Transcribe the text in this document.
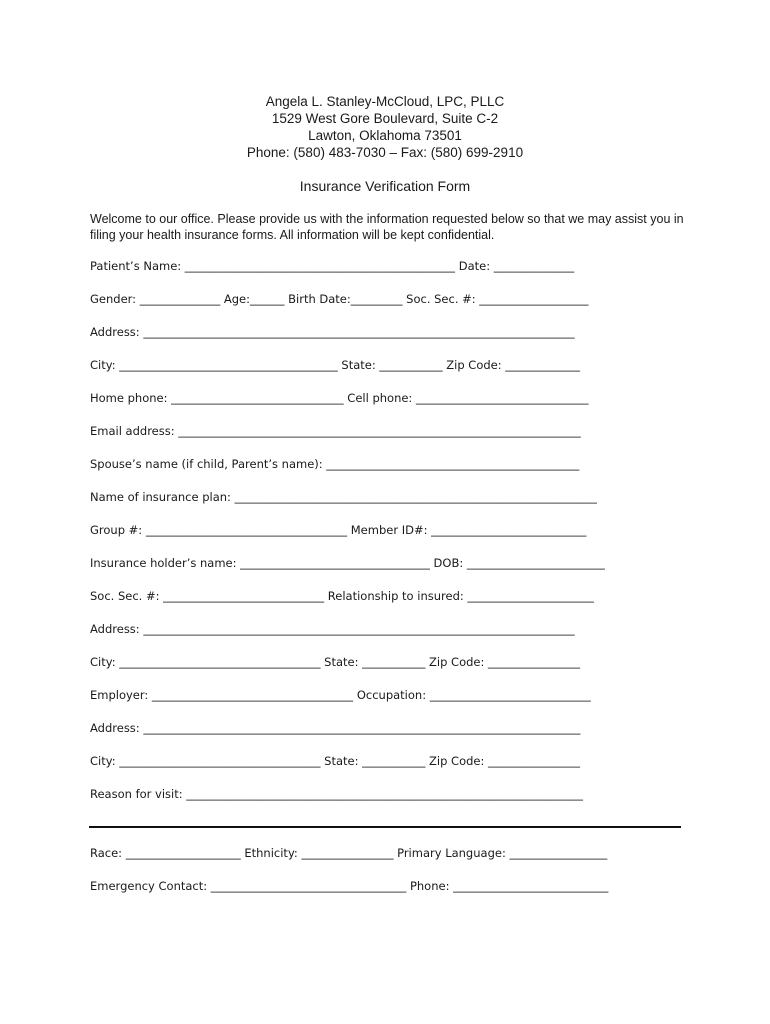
Angela L. Stanley-McCloud, LPC, PLLC
1529 West Gore Boulevard, Suite C-2
Lawton, Oklahoma 73501
Phone: (580) 483-7030 – Fax: (580) 699-2910
Insurance Verification Form
Welcome to our office. Please provide us with the information requested below so that we may assist you in filing your health insurance forms. All information will be kept confidential.
Patient’s Name: _______________________________________________ Date: ______________
Gender: ______________ Age:______ Birth Date:_________ Soc. Sec. #: ___________________
Address: ___________________________________________________________________________
City: ______________________________________ State: ___________ Zip Code: _____________
Home phone: ______________________________ Cell phone: ______________________________
Email address: ______________________________________________________________________
Spouse’s name (if child, Parent’s name): ____________________________________________
Name of insurance plan: _______________________________________________________________
Group #: ___________________________________ Member ID#: ___________________________
Insurance holder’s name: _________________________________ DOB: ________________________
Soc. Sec. #: ____________________________ Relationship to insured: ______________________
Address: ___________________________________________________________________________
City: ___________________________________ State: ___________ Zip Code: ________________
Employer: ___________________________________ Occupation: ____________________________
Address: ____________________________________________________________________________
City: ___________________________________ State: ___________ Zip Code: ________________
Reason for visit: _____________________________________________________________________
Race: ____________________ Ethnicity: ________________ Primary Language: _________________
Emergency Contact: __________________________________ Phone: ___________________________
